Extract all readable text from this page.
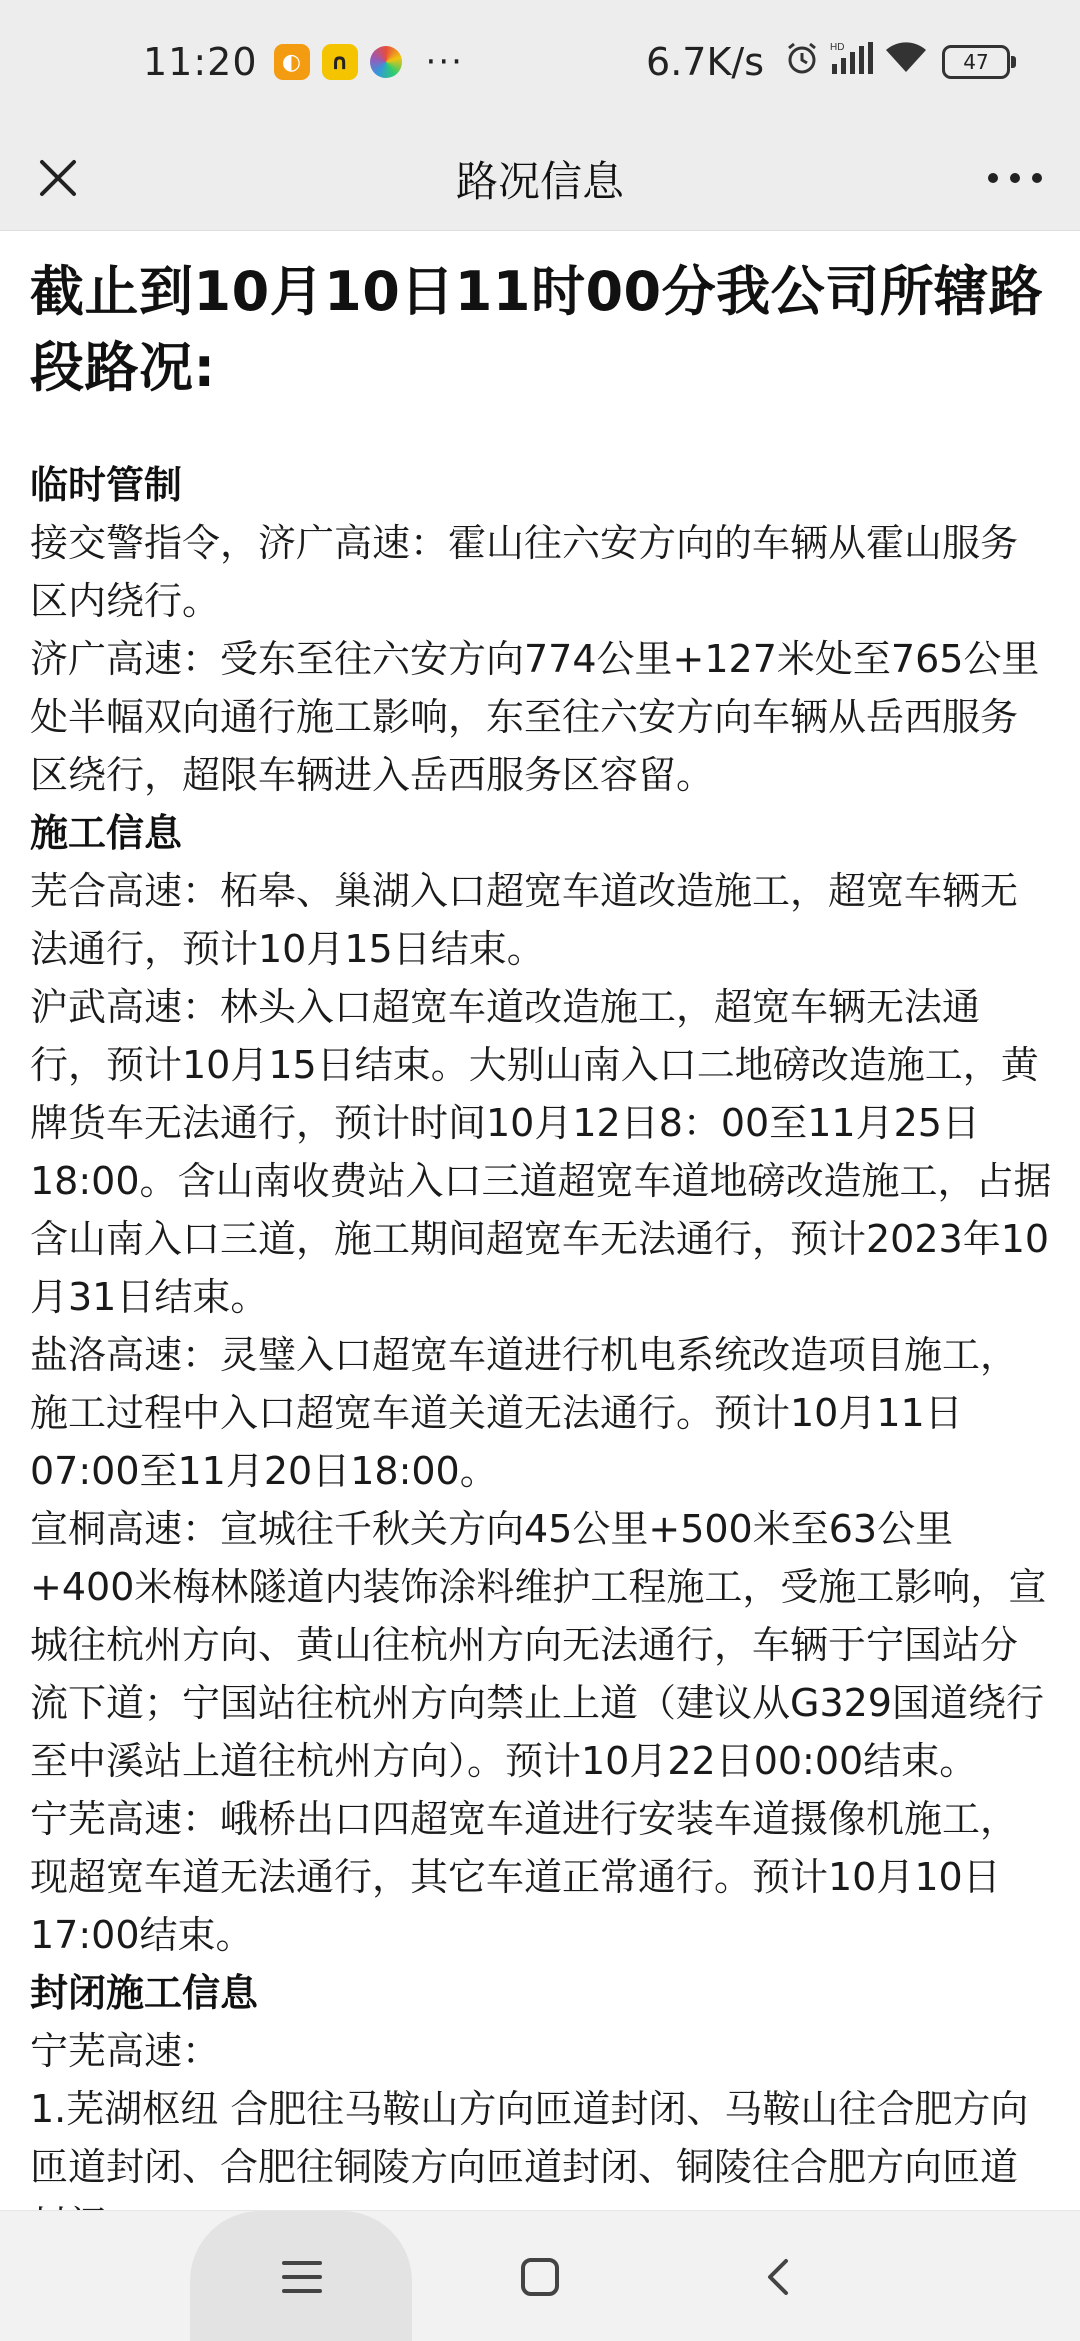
11:20	◐	∩ ···	6.7K/s	HD
47
路况信息
截止到10月10日11时00分我公司所辖路段路况:
临时管制

接交警指令，济广高速：霍山往六安方向的车辆从霍山服务区内绕行。

济广高速：受东至往六安方向774公里+127米处至765公里处半幅双向通行施工影响，东至往六安方向车辆从岳西服务区绕行，超限车辆进入岳西服务区容留。

施工信息

芜合高速：柘皋、巢湖入口超宽车道改造施工，超宽车辆无法通行，预计10月15日结束。

沪武高速：林头入口超宽车道改造施工，超宽车辆无法通行，预计10月15日结束。大别山南入口二地磅改造施工，黄牌货车无法通行，预计时间10月12日8：00至11月25日 18:00。含山南收费站入口三道超宽车道地磅改造施工，占据含山南入口三道，施工期间超宽车无法通行，预计2023年10月31日结束。

盐洛高速：灵璧入口超宽车道进行机电系统改造项目施工，施工过程中入口超宽车道关道无法通行。预计10月11日07:00至11月20日18:00。

宣桐高速：宣城往千秋关方向45公里+500米至63公里+400米梅林隧道内装饰涂料维护工程施工，受施工影响，宣城往杭州方向、黄山往杭州方向无法通行，车辆于宁国站分流下道；宁国站往杭州方向禁止上道（建议从G329国道绕行至中溪站上道往杭州方向）。预计10月22日00:00结束。

宁芜高速：峨桥出口四超宽车道进行安装车道摄像机施工，现超宽车道无法通行，其它车道正常通行。预计10月10日17:00结束。

封闭施工信息

宁芜高速：

1.芜湖枢纽 合肥往马鞍山方向匝道封闭、马鞍山往合肥方向匝道封闭、合肥往铜陵方向匝道封闭、铜陵往合肥方向匝道
